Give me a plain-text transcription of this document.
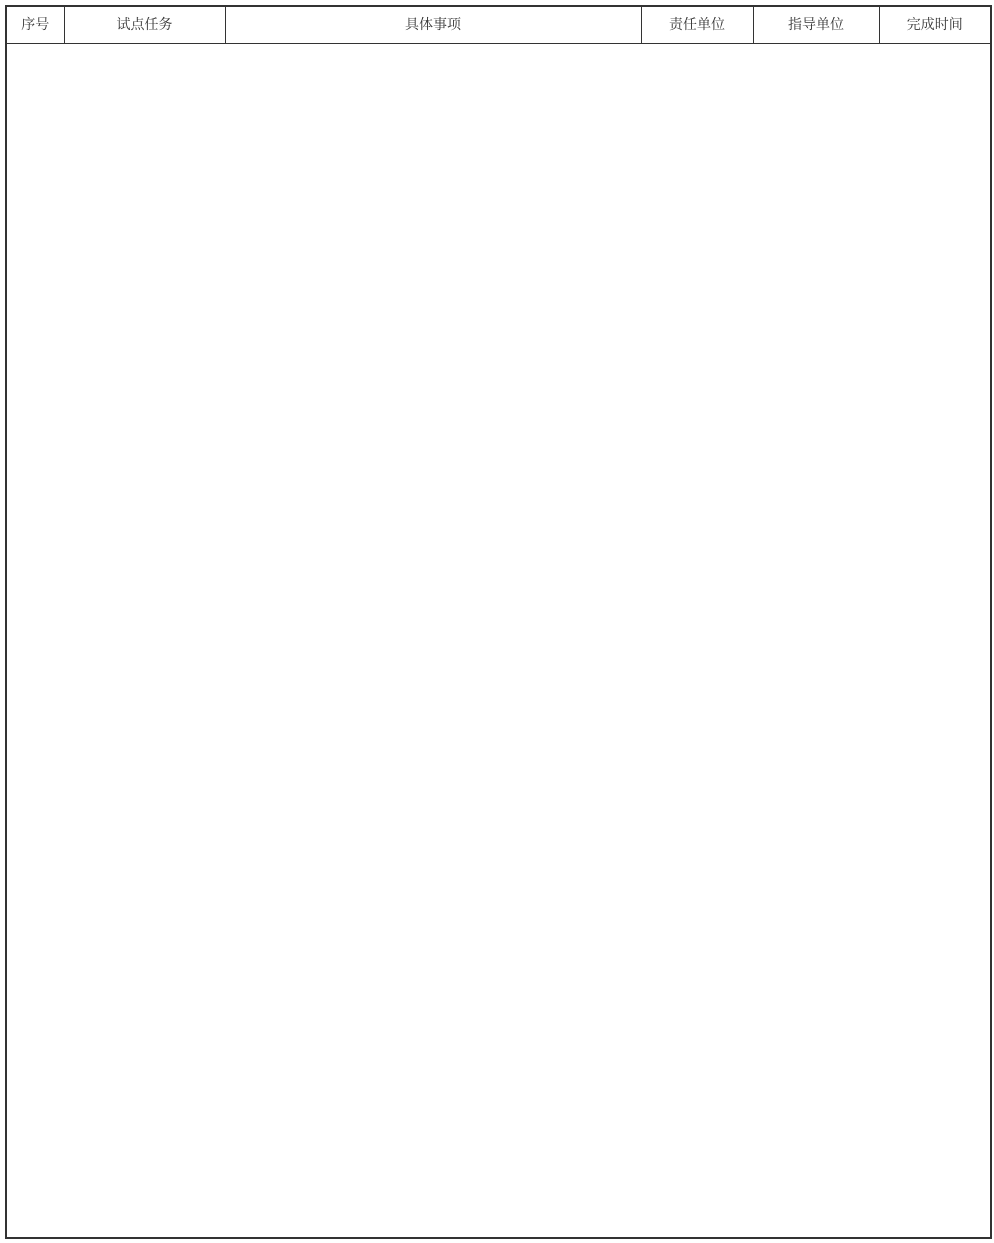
序号	试点任务	具体事项	责任单位	指导单位	完成时间
